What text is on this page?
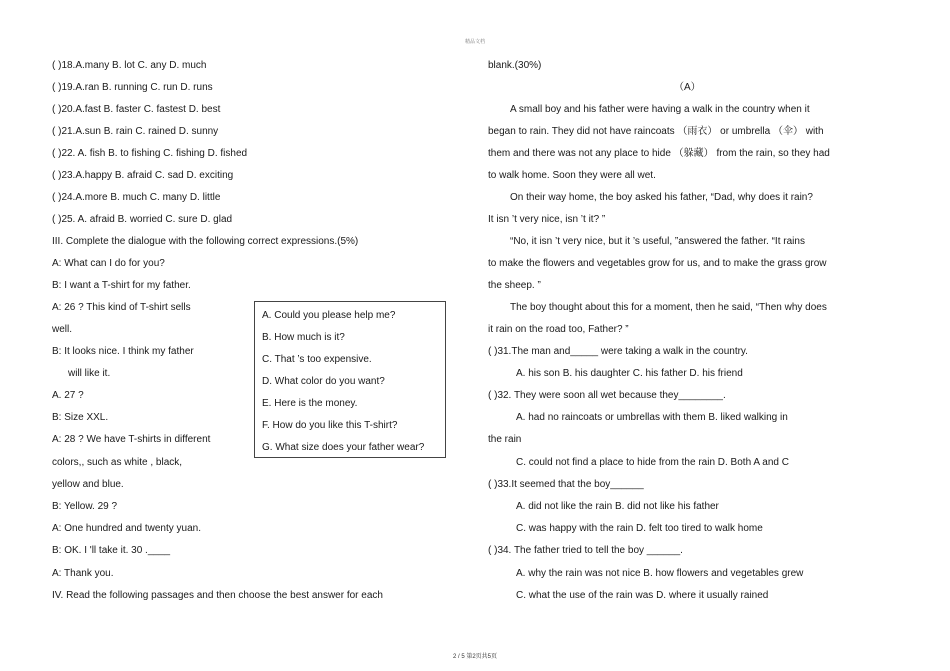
精品文档
( )18.A.many B. lot C. any D. much
( )19.A.ran B. running C. run D. runs
( )20.A.fast B. faster C. fastest D. best
( )21.A.sun B. rain C. rained D. sunny
( )22. A. fish B. to fishing C. fishing D. fished
( )23.A.happy B. afraid C. sad D. exciting
( )24.A.more B. much C. many D. little
( )25. A. afraid B. worried C. sure D. glad
III. Complete the dialogue with the following correct expressions.(5%)
A: What can I do for you?
B: I want a T-shirt for my father.
A: 26 ? This kind of T-shirt sells
well.
B: It looks nice. I think my father
will like it.
A. 27 ?
B: Size XXL.
A: 28 ? We have T-shirts in different
colors,, such as white , black,
yellow and blue.
B: Yellow. 29 ?
A: One hundred and twenty yuan.
B: OK. I 'll take it. 30 .____
A: Thank you.
IV. Read the following passages and then choose the best answer for each
A. Could you please help me?
B. How much is it?
C. That ’s too expensive.
D. What color do you want?
E. Here is the money.
F. How do you like this T-shirt?
G. What size does your father wear?
blank.(30%)
（A）
A small boy and his father were having a walk in the country when it
began to rain. They did not have raincoats （雨衣） or umbrella （伞） with
them and there was not any place to hide （躲藏） from the rain, so they had
to walk home. Soon they were all wet.
On their way home, the boy asked his father, “Dad, why does it rain?
It isn ’t very nice, isn ’t it? ”
“No, it isn ’t very nice, but it ’s useful, ”answered the father. “It rains
to make the flowers and vegetables grow for us, and to make the grass grow
the sheep. ”
The boy thought about this for a moment, then he said, “Then why does
it rain on the road too, Father? ”
( )31.The man and_____ were taking a walk in the country.
A. his son B. his daughter C. his father D. his friend
( )32. They were soon all wet because they________.
A. had no raincoats or umbrellas with them B. liked walking in
the rain
C. could not find a place to hide from the rain D. Both A and C
( )33.It seemed that the boy______
A. did not like the rain B. did not like his father
C. was happy with the rain D. felt too tired to walk home
( )34. The father tried to tell the boy ______.
A. why the rain was not nice B. how flowers and vegetables grew
C. what the use of the rain was D. where it usually rained
2 / 5 第2页共5页
